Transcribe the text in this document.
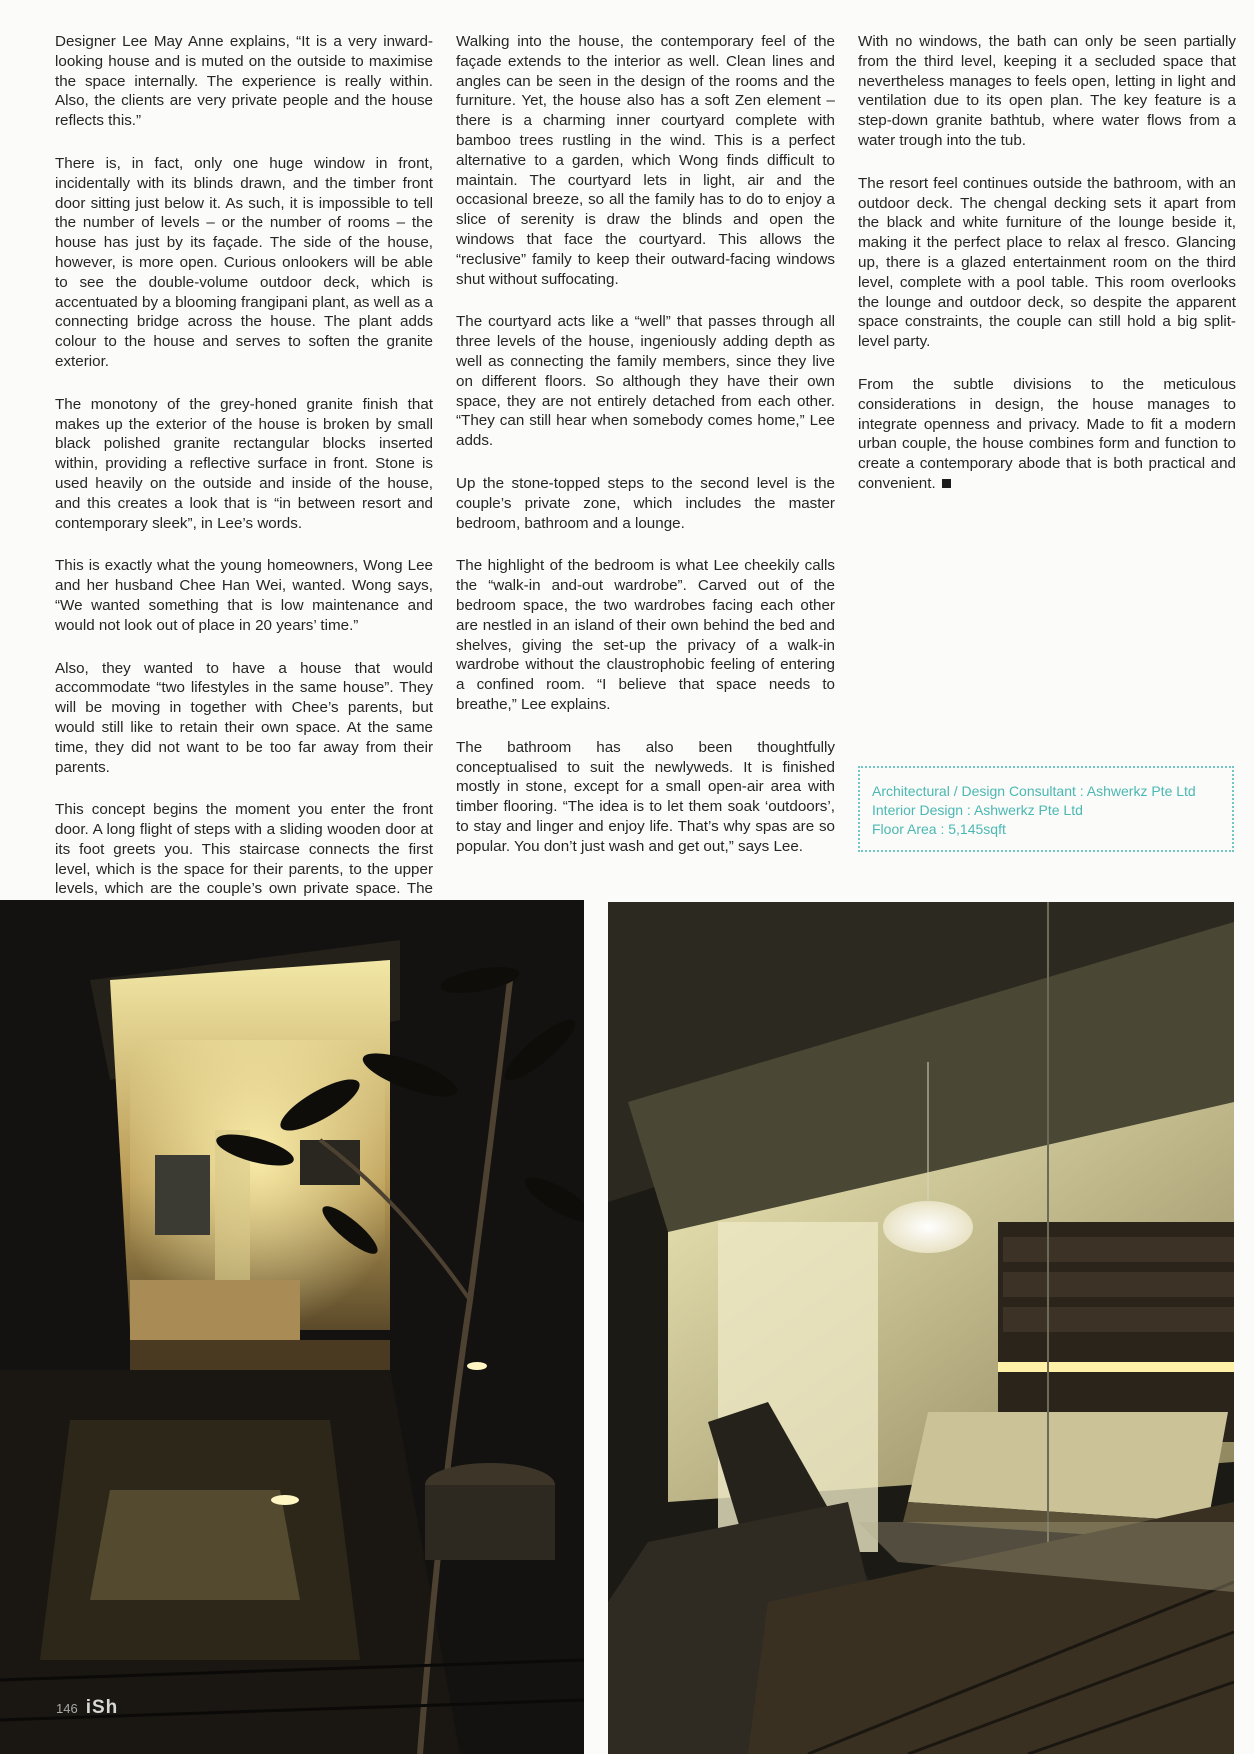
Designer Lee May Anne explains, “It is a very inward-looking house and is muted on the outside to maximise the space internally. The experience is really within. Also, the clients are very private people and the house reflects this.”

There is, in fact, only one huge window in front, incidentally with its blinds drawn, and the timber front door sitting just below it. As such, it is impossible to tell the number of levels – or the number of rooms – the house has just by its façade. The side of the house, however, is more open. Curious onlookers will be able to see the double-volume outdoor deck, which is accentuated by a blooming frangipani plant, as well as a connecting bridge across the house. The plant adds colour to the house and serves to soften the granite exterior.

The monotony of the grey-honed granite finish that makes up the exterior of the house is broken by small black polished granite rectangular blocks inserted within, providing a reflective surface in front. Stone is used heavily on the outside and inside of the house, and this creates a look that is “in between resort and contemporary sleek”, in Lee’s words.

This is exactly what the young homeowners, Wong Lee and her husband Chee Han Wei, wanted. Wong says, “We wanted something that is low maintenance and would not look out of place in 20 years’ time.”

Also, they wanted to have a house that would accommodate “two lifestyles in the same house”. They will be moving in together with Chee’s parents, but would still like to retain their own space. At the same time, they did not want to be too far away from their parents.

This concept begins the moment you enter the front door. A long flight of steps with a sliding wooden door at its foot greets you. This staircase connects the first level, which is the space for their parents, to the upper levels, which are the couple’s own private space. The

Walking into the house, the contemporary feel of the façade extends to the interior as well. Clean lines and angles can be seen in the design of the rooms and the furniture. Yet, the house also has a soft Zen element – there is a charming inner courtyard complete with bamboo trees rustling in the wind. This is a perfect alternative to a garden, which Wong finds difficult to maintain. The courtyard lets in light, air and the occasional breeze, so all the family has to do to enjoy a slice of serenity is draw the blinds and open the windows that face the courtyard. This allows the “reclusive” family to keep their outward-facing windows shut without suffocating.

The courtyard acts like a “well” that passes through all three levels of the house, ingeniously adding depth as well as connecting the family members, since they live on different floors. So although they have their own space, they are not entirely detached from each other. “They can still hear when somebody comes home,” Lee adds.

Up the stone-topped steps to the second level is the couple’s private zone, which includes the master bedroom, bathroom and a lounge.

The highlight of the bedroom is what Lee cheekily calls the “walk-in and-out wardrobe”. Carved out of the bedroom space, the two wardrobes facing each other are nestled in an island of their own behind the bed and shelves, giving the set-up the privacy of a walk-in wardrobe without the claustrophobic feeling of entering a confined room. “I believe that space needs to breathe,” Lee explains.

The bathroom has also been thoughtfully conceptualised to suit the newlyweds. It is finished mostly in stone, except for a small open-air area with timber flooring. “The idea is to let them soak ‘outdoors’, to stay and linger and enjoy life. That’s why spas are so popular. You don’t just wash and get out,” says Lee.

With no windows, the bath can only be seen partially from the third level, keeping it a secluded space that nevertheless manages to feels open, letting in light and ventilation due to its open plan. The key feature is a step-down granite bathtub, where water flows from a water trough into the tub.

The resort feel continues outside the bathroom, with an outdoor deck. The chengal decking sets it apart from the black and white furniture of the lounge beside it, making it the perfect place to relax al fresco. Glancing up, there is a glazed entertainment room on the third level, complete with a pool table. This room overlooks the lounge and outdoor deck, so despite the apparent space constraints, the couple can still hold a big split-level party.

From the subtle divisions to the meticulous considerations in design, the house manages to integrate openness and privacy. Made to fit a modern urban couple, the house combines form and function to create a contemporary abode that is both practical and convenient.

Architectural / Design Consultant : Ashwerkz Pte Ltd
Interior Design : Ashwerkz Pte Ltd
Floor Area : 5,145sqft
146 iSh
